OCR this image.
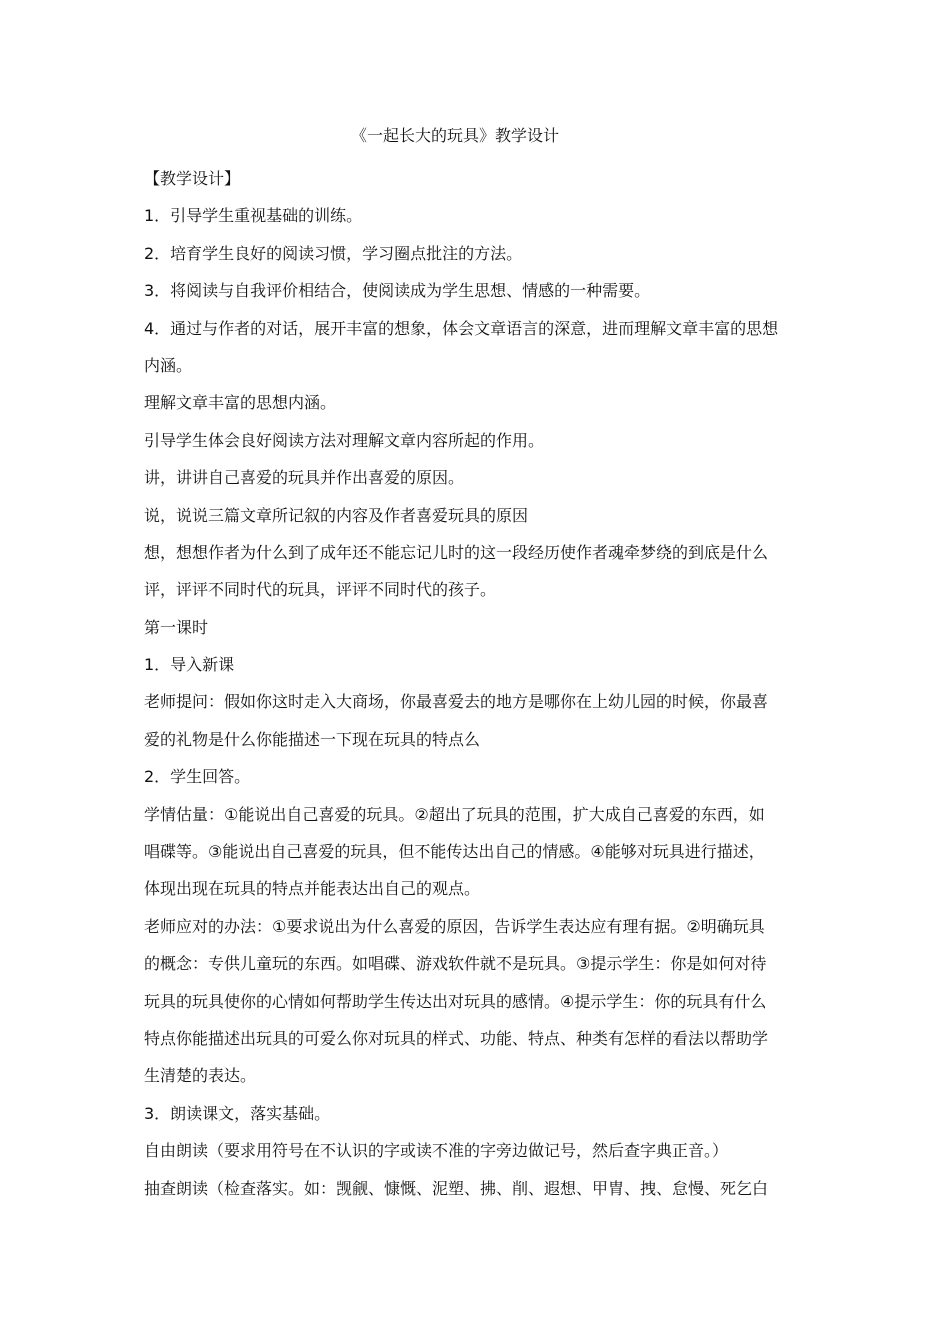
《一起长大的玩具》教学设计
【教学设计】
1．引导学生重视基础的训练。
2．培育学生良好的阅读习惯，学习圈点批注的方法。
3．将阅读与自我评价相结合，使阅读成为学生思想、情感的一种需要。
4．通过与作者的对话，展开丰富的想象，体会文章语言的深意，进而理解文章丰富的思想
内涵。
理解文章丰富的思想内涵。
引导学生体会良好阅读方法对理解文章内容所起的作用。
讲，讲讲自己喜爱的玩具并作出喜爱的原因。
说，说说三篇文章所记叙的内容及作者喜爱玩具的原因
想，想想作者为什么到了成年还不能忘记儿时的这一段经历使作者魂牵梦绕的到底是什么
评，评评不同时代的玩具，评评不同时代的孩子。
第一课时
1．导入新课
老师提问：假如你这时走入大商场，你最喜爱去的地方是哪你在上幼儿园的时候，你最喜
爱的礼物是什么你能描述一下现在玩具的特点么
2．学生回答。
学情估量：①能说出自己喜爱的玩具。②超出了玩具的范围，扩大成自己喜爱的东西，如
唱碟等。③能说出自己喜爱的玩具，但不能传达出自己的情感。④能够对玩具进行描述，
体现出现在玩具的特点并能表达出自己的观点。
老师应对的办法：①要求说出为什么喜爱的原因，告诉学生表达应有理有据。②明确玩具
的概念：专供儿童玩的东西。如唱碟、游戏软件就不是玩具。③提示学生：你是如何对待
玩具的玩具使你的心情如何帮助学生传达出对玩具的感情。④提示学生：你的玩具有什么
特点你能描述出玩具的可爱么你对玩具的样式、功能、特点、种类有怎样的看法以帮助学
生清楚的表达。
3．朗读课文，落实基础。
自由朗读（要求用符号在不认识的字或读不准的字旁边做记号，然后查字典正音。）
抽查朗读（检查落实。如：觊觎、慷慨、泥塑、拂、削、遐想、甲胄、拽、怠慢、死乞白
